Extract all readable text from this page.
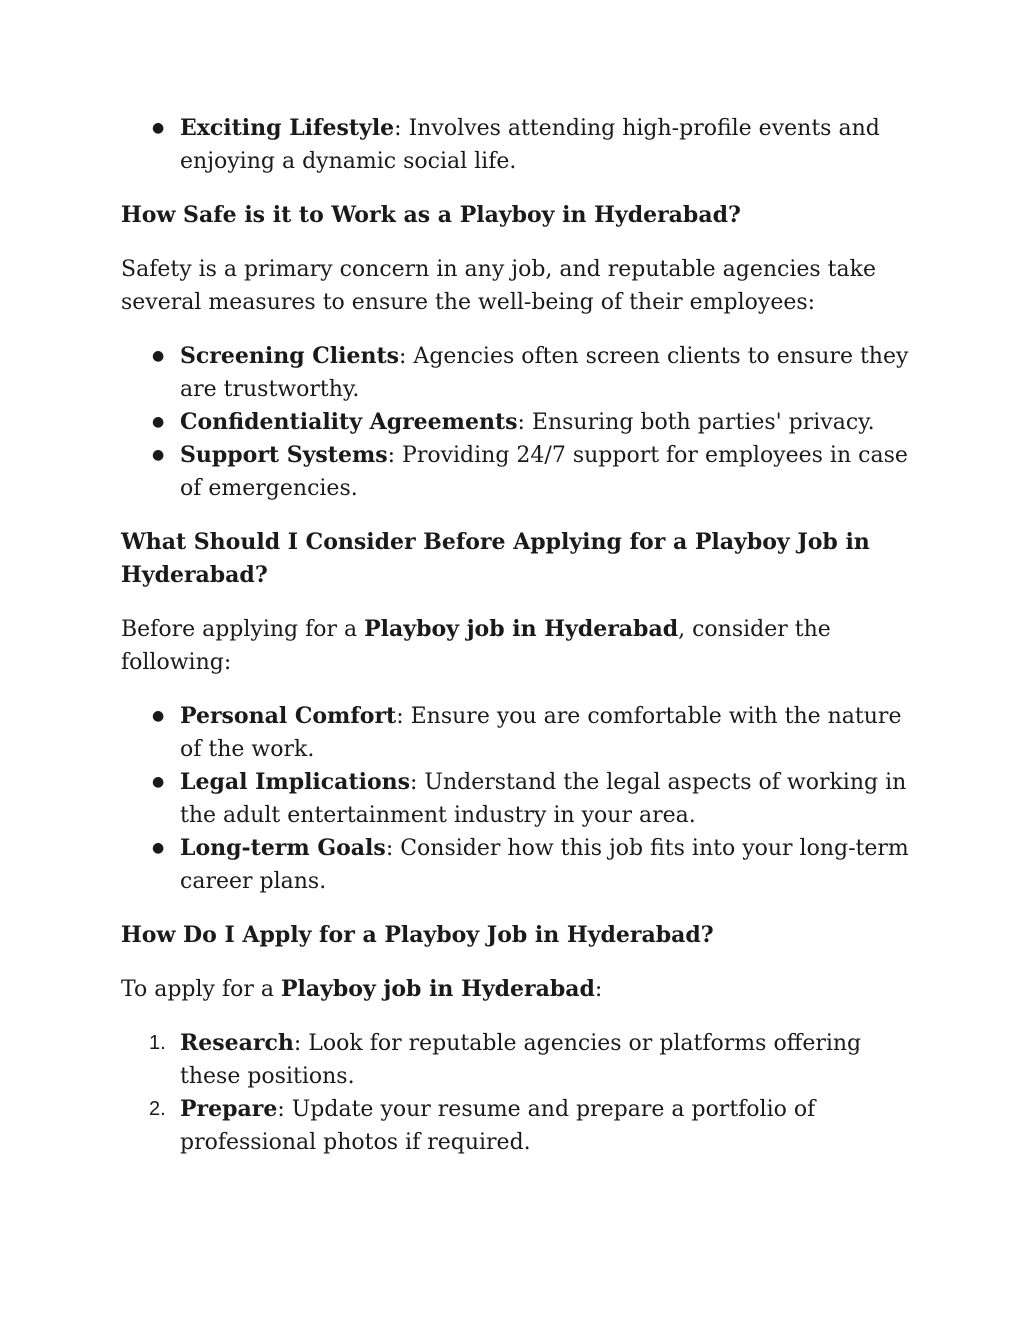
● Exciting Lifestyle: Involves attending high-profile events and enjoying a dynamic social life.
How Safe is it to Work as a Playboy in Hyderabad?

Safety is a primary concern in any job, and reputable agencies take several measures to ensure the well-being of their employees:

● Screening Clients: Agencies often screen clients to ensure they are trustworthy.
● Confidentiality Agreements: Ensuring both parties' privacy.
● Support Systems: Providing 24/7 support for employees in case of emergencies.
What Should I Consider Before Applying for a Playboy Job in Hyderabad?

Before applying for a Playboy job in Hyderabad, consider the following:

● Personal Comfort: Ensure you are comfortable with the nature of the work.
● Legal Implications: Understand the legal aspects of working in the adult entertainment industry in your area.
● Long-term Goals: Consider how this job fits into your long-term career plans.
How Do I Apply for a Playboy Job in Hyderabad?

To apply for a Playboy job in Hyderabad:

1. Research: Look for reputable agencies or platforms offering these positions.
2. Prepare: Update your resume and prepare a portfolio of professional photos if required.
